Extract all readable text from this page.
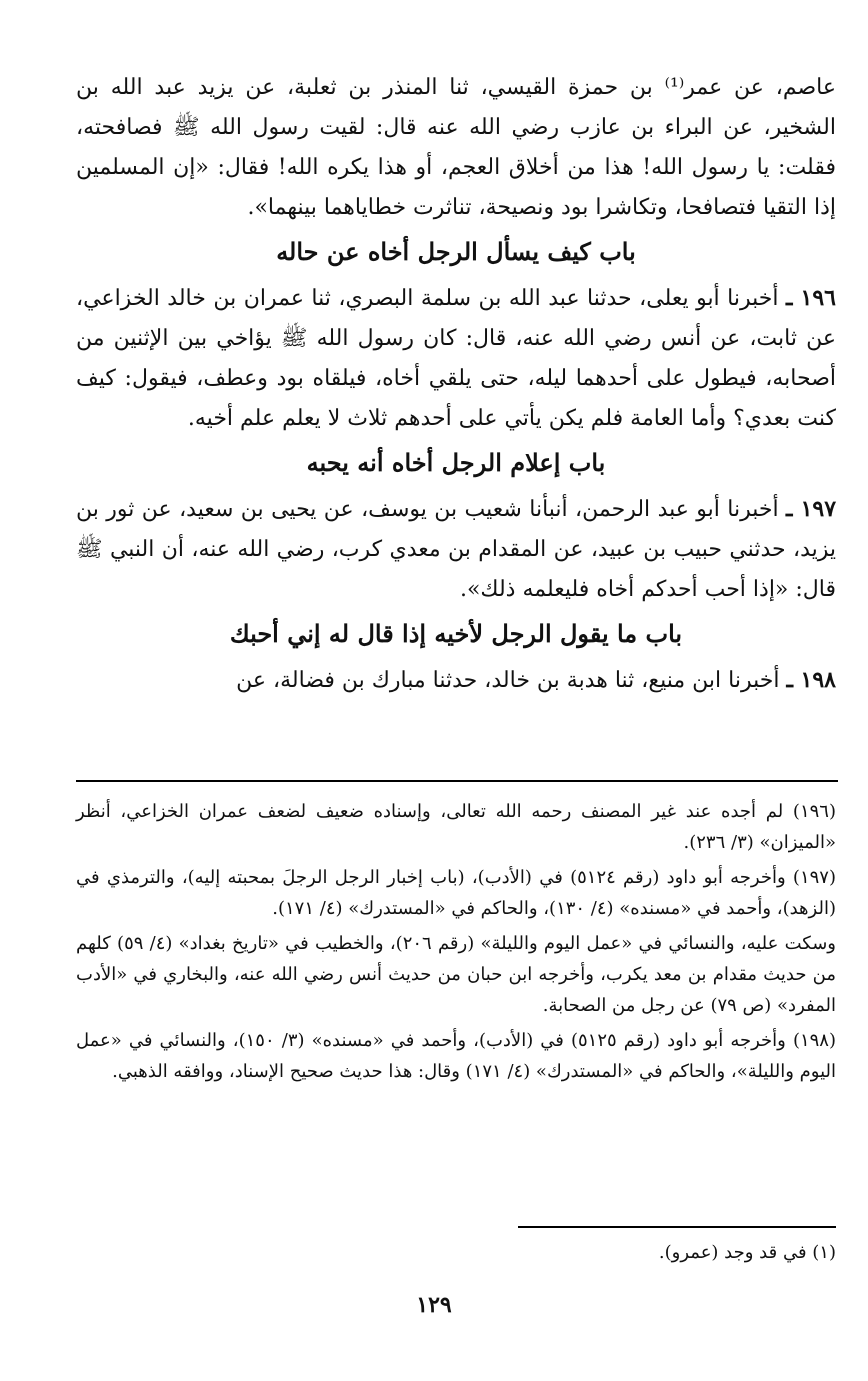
عاصم، عن عمر⁽¹⁾ بن حمزة القيسي، ثنا المنذر بن ثعلبة، عن يزيد عبد الله بن الشخير، عن البراء بن عازب رضي الله عنه قال: لقيت رسول الله ﷺ فصافحته، فقلت: يا رسول الله! هذا من أخلاق العجم، أو هذا يكره الله! فقال: «إن المسلمين إذا التقيا فتصافحا، وتكاشرا بود ونصيحة، تناثرت خطاياهما بينهما».

باب كيف يسأل الرجل أخاه عن حاله

١٩٦ ـ أخبرنا أبو يعلى، حدثنا عبد الله بن سلمة البصري، ثنا عمران بن خالد الخزاعي، عن ثابت، عن أنس رضي الله عنه، قال: كان رسول الله ﷺ يؤاخي بين الإثنين من أصحابه، فيطول على أحدهما ليله، حتى يلقي أخاه، فيلقاه بود وعطف، فيقول: كيف كنت بعدي؟ وأما العامة فلم يكن يأتي على أحدهم ثلاث لا يعلم علم أخيه.

باب إعلام الرجل أخاه أنه يحبه

١٩٧ ـ أخبرنا أبو عبد الرحمن، أنبأنا شعيب بن يوسف، عن يحيى بن سعيد، عن ثور بن يزيد، حدثني حبيب بن عبيد، عن المقدام بن معدي كرب، رضي الله عنه، أن النبي ﷺ قال: «إذا أحب أحدكم أخاه فليعلمه ذلك».

باب ما يقول الرجل لأخيه إذا قال له إني أحبك

١٩٨ ـ أخبرنا ابن منيع، ثنا هدبة بن خالد، حدثنا مبارك بن فضالة، عن

(١٩٦) لم أجده عند غير المصنف رحمه الله تعالى، وإسناده ضعيف لضعف عمران الخزاعي، أنظر «الميزان» (٣/ ٢٣٦).

(١٩٧) وأخرجه أبو داود (رقم ٥١٢٤) في (الأدب)، (باب إخبار الرجل الرجلَ بمحبته إليه)، والترمذي في (الزهد)، وأحمد في «مسنده» (٤/ ١٣٠)، والحاكم في «المستدرك» (٤/ ١٧١).

وسكت عليه، والنسائي في «عمل اليوم والليلة» (رقم ٢٠٦)، والخطيب في «تاريخ بغداد» (٤/ ٥٩) كلهم من حديث مقدام بن معد يكرب، وأخرجه ابن حبان من حديث أنس رضي الله عنه، والبخاري في «الأدب المفرد» (ص ٧٩) عن رجل من الصحابة.

(١٩٨) وأخرجه أبو داود (رقم ٥١٢٥) في (الأدب)، وأحمد في «مسنده» (٣/ ١٥٠)، والنسائي في «عمل اليوم والليلة»، والحاكم في «المستدرك» (٤/ ١٧١) وقال: هذا حديث صحيح الإسناد، ووافقه الذهبي.

(١) في قد وجد (عمرو).
١٢٩
